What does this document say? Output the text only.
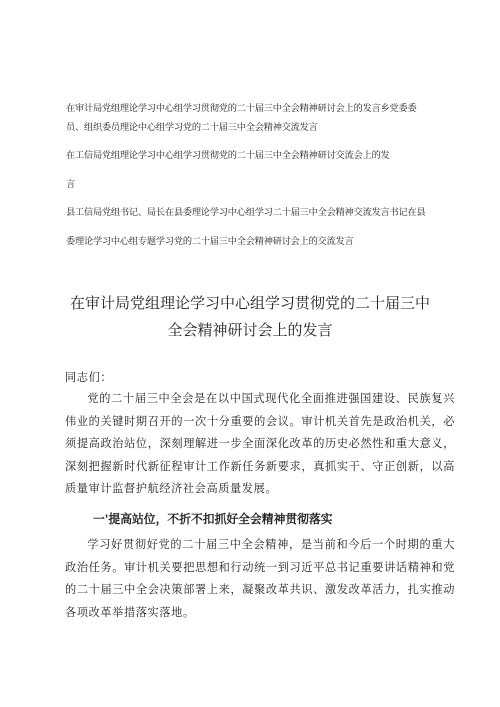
在审计局党组理论学习中心组学习贯彻党的二十届三中全会精神研讨会上的发言乡党委委
员、组织委员理论中心组学习党的二十届三中全会精神交流发言

在工信局党组理论学习中心组学习贯彻党的二十届三中全会精神研讨交流会上的发
言

县工信局党组书记、局长在县委理论学习中心组学习二十届三中全会精神交流发言书记在县
委理论学习中心组专题学习党的二十届三中全会精神研讨会上的交流发言

在审计局党组理论学习中心组学习贯彻党的二十届三中
全会精神研讨会上的发言

同志们：

党的二十届三中全会是在以中国式现代化全面推进强国建设、民族复兴伟业的关键时期召开的一次十分重要的会议。审计机关首先是政治机关，必须提高政治站位，深刻理解进一步全面深化改革的历史必然性和重大意义，深刻把握新时代新征程审计工作新任务新要求，真抓实干、守正创新，以高质量审计监督护航经济社会高质量发展。

一'提高站位，不折不扣抓好全会精神贯彻落实

学习好贯彻好党的二十届三中全会精神，是当前和今后一个时期的重大政治任务。审计机关要把思想和行动统一到习近平总书记重要讲话精神和党的二十届三中全会决策部署上来，凝聚改革共识、激发改革活力，扎实推动各项改革举措落实落地。
